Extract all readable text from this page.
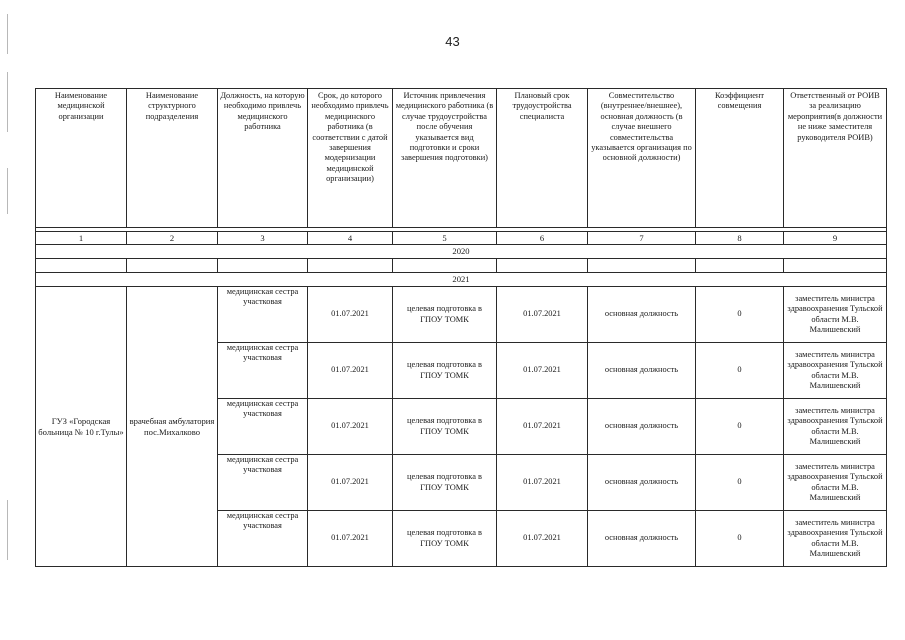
43
Наименование медицинской организации	Наименование структурного подразделения	Должность, на которую необходимо привлечь медицинского работника	Срок, до которого необходимо привлечь медицинского работника (в соответствии с датой завершения модернизации медицинской организации)	Источник привлечения медицинского работника (в случае трудоустройства после обучения указывается вид подготовки и сроки завершения подготовки)	Плановый срок трудоустройства специалиста	Совместительство (внутреннее/внешнее), основная должность (в случае внешнего совместительства указывается организация по основной должности)	Коэффициент совмещения	Ответственный от РОИВ за реализацию мероприятия(в должности не ниже заместителя руководителя РОИВ)

1	2	3	4	5	6	7	8	9
2020								

2021								
ГУЗ «Городская больница № 10 г.Тулы»	врачебная амбулатория пос.Михалково	медицинская сестра участковая	01.07.2021	целевая подготовка в ГПОУ ТОМК	01.07.2021	основная должность	0	заместитель министра здравоохранения Тульской области М.В. Малишевский
		медицинская сестра участковая	01.07.2021	целевая подготовка в ГПОУ ТОМК	01.07.2021	основная должность	0	заместитель министра здравоохранения Тульской области М.В. Малишевский
		медицинская сестра участковая	01.07.2021	целевая подготовка в ГПОУ ТОМК	01.07.2021	основная должность	0	заместитель министра здравоохранения Тульской области М.В. Малишевский
		медицинская сестра участковая	01.07.2021	целевая подготовка в ГПОУ ТОМК	01.07.2021	основная должность	0	заместитель министра здравоохранения Тульской области М.В. Малишевский
		медицинская сестра участковая	01.07.2021	целевая подготовка в ГПОУ ТОМК	01.07.2021	основная должность	0	заместитель министра здравоохранения Тульской области М.В. Малишевский
